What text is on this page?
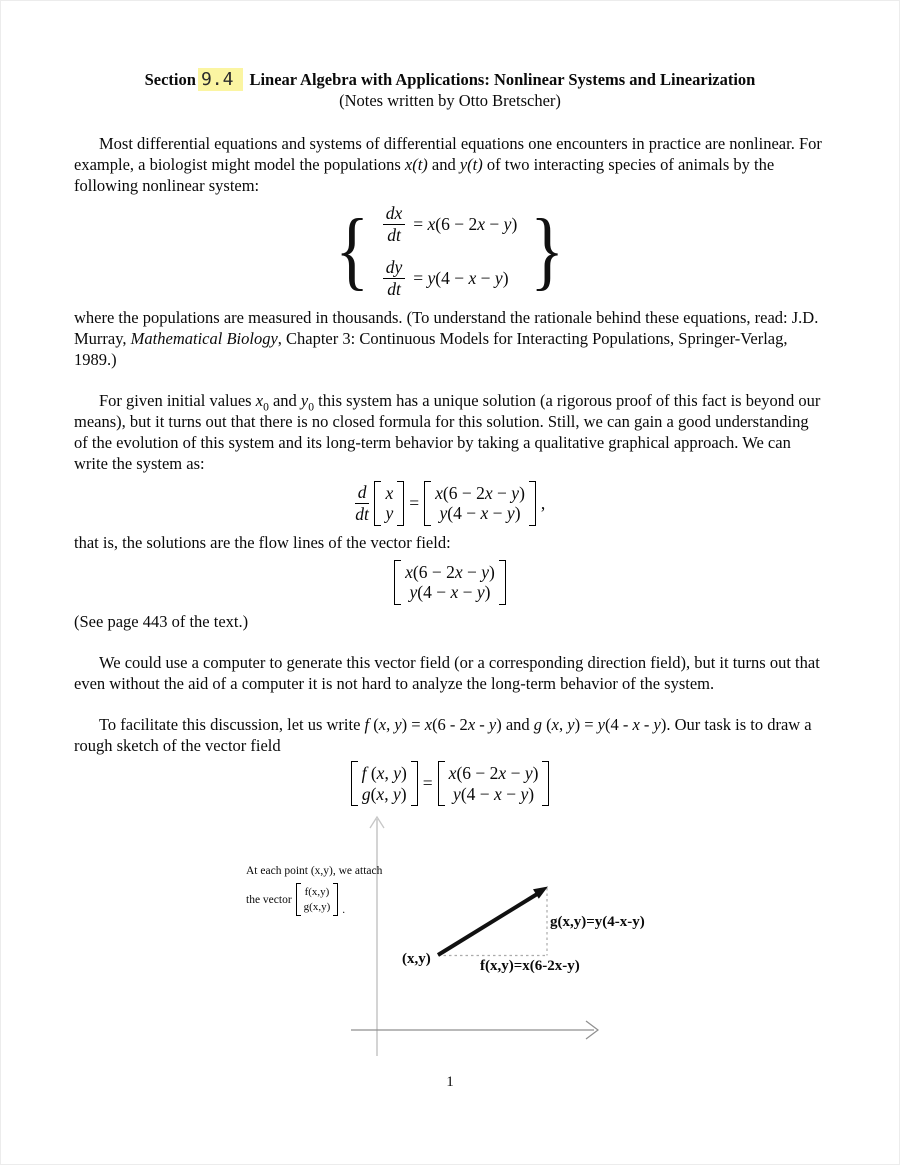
Section 9.4 Linear Algebra with Applications: Nonlinear Systems and Linearization
(Notes written by Otto Bretscher)

Most differential equations and systems of differential equations one encounters in practice are nonlinear. For example, a biologist might model the populations x(t) and y(t) of two interacting species of animals by the following nonlinear system:

{ $\frac{dx}{dt} = x(6 - 2x - y)$
$\frac{dy}{dt} = y(4 - x - y)$ }

where the populations are measured in thousands. (To understand the rationale behind these equations, read: J.D. Murray, Mathematical Biology, Chapter 3: Continuous Models for Interacting Populations, Springer-Verlag, 1989.)

For given initial values $x_0$ and $y_0$ this system has a unique solution (a rigorous proof of this fact is beyond our means), but it turns out that there is no closed formula for this solution. Still, we can gain a good understanding of the evolution of this system and its long-term behavior by taking a qualitative graphical approach. We can write the system as:

$\frac{d}{dt}$ x
y
=
x(6 − 2x − y)
y(4 − x − y)
,

that is, the solutions are the flow lines of the vector field:

x(6 − 2x − y)
y(4 − x − y)

(See page 443 of the text.)

We could use a computer to generate this vector field (or a corresponding direction field), but it turns out that even without the aid of a computer it is not hard to analyze the long-term behavior of the system.

To facilitate this discussion, let us write f (x, y) = x(6 - 2x - y) and g (x, y) = y(4 - x - y). Our task is to draw a rough sketch of the vector field

f (x, y)
g(x, y)
=
x(6 − 2x − y)
y(4 − x − y)
At each point (x,y), we attach
the vector
f(x,y)
g(x,y) .
(x,y)	f(x,y)=x(6-2x-y)
g(x,y)=y(4-x-y)
1
